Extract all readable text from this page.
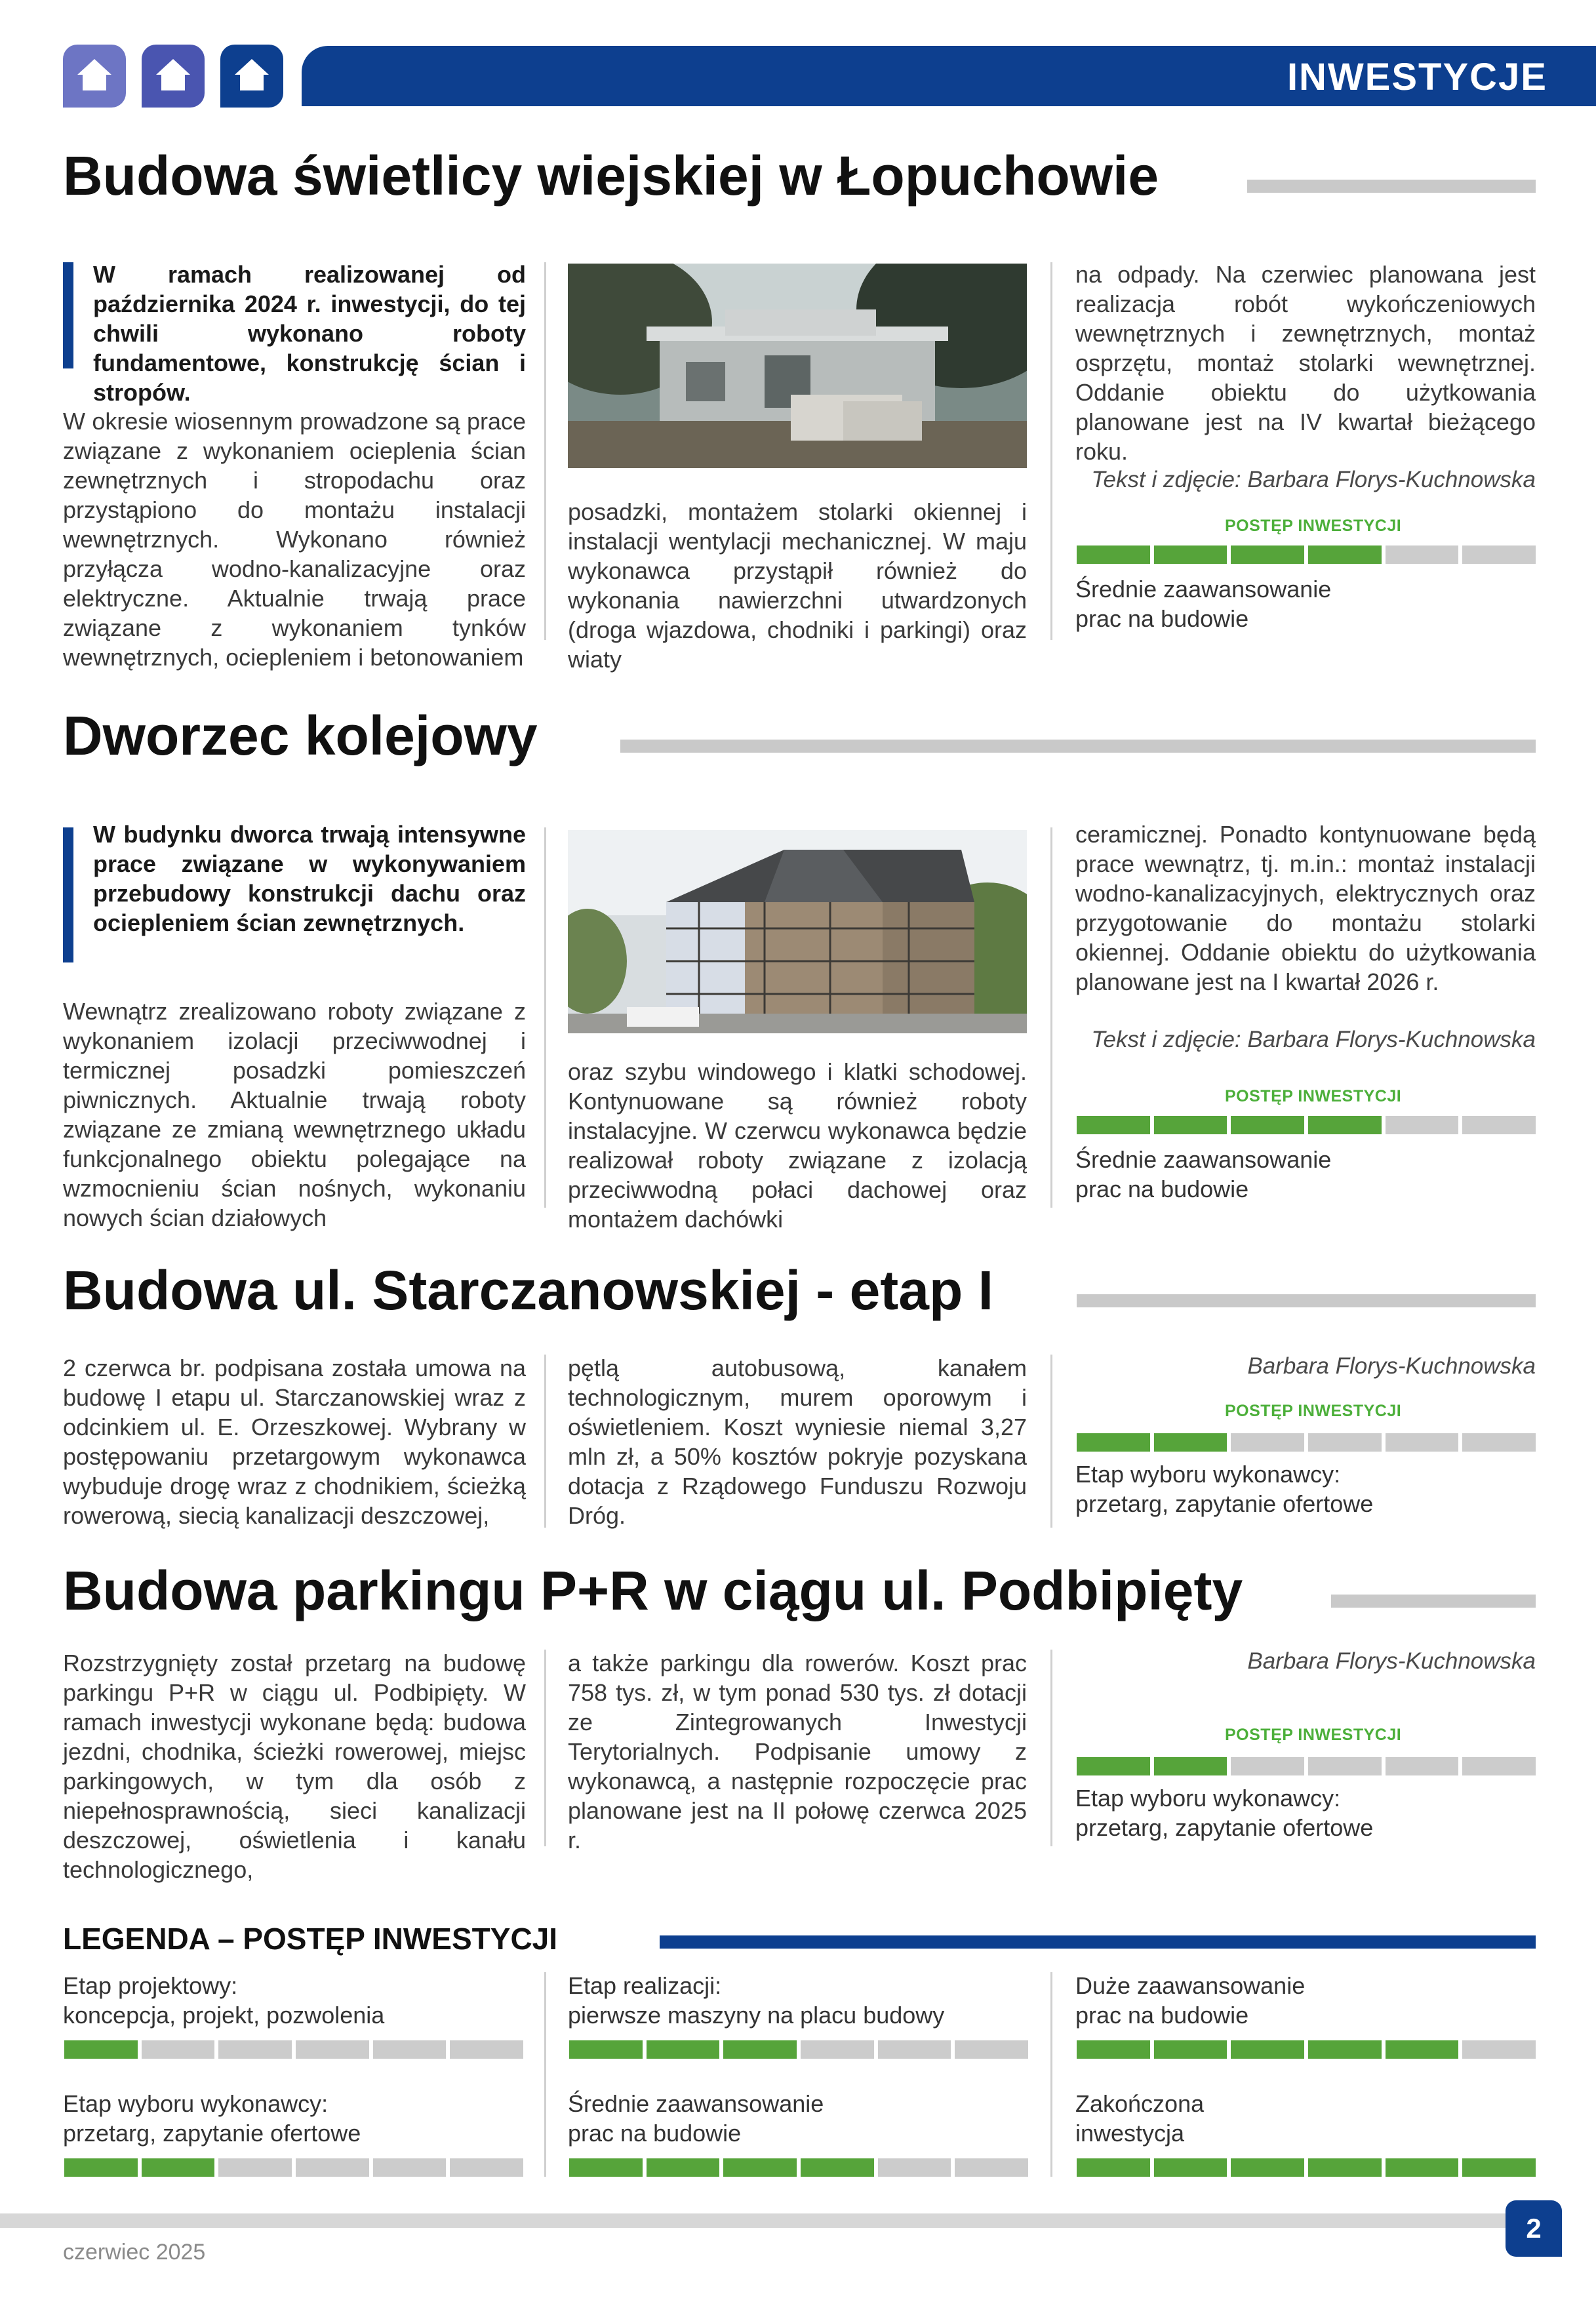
INWESTYCJE
Budowa świetlicy wiejskiej w Łopuchowie
W ramach realizowanej od października 2024 r. inwestycji, do tej chwili wykonano roboty fundamentowe, konstrukcję ścian i stropów.
W okresie wiosennym prowadzone są prace związane z wykonaniem ocieplenia ścian zewnętrznych i stropodachu oraz przystąpiono do montażu instalacji wewnętrznych. Wykonano również przyłącza wodno-kanalizacyjne oraz elektryczne. Aktualnie trwają prace związane z wykonaniem tynków wewnętrznych, ociepleniem i betonowaniem
posadzki, montażem stolarki okiennej i instalacji wentylacji mechanicznej. W maju wykonawca przystąpił również do wykonania nawierzchni utwardzonych (droga wjazdowa, chodniki i parkingi) oraz wiaty
na odpady. Na czerwiec planowana jest realizacja robót wykończeniowych wewnętrznych i zewnętrznych, montaż osprzętu, montaż stolarki wewnętrznej. Oddanie obiektu do użytkowania planowane jest na IV kwartał bieżącego roku.
Tekst i zdjęcie: Barbara Florys-Kuchnowska
POSTĘP INWESTYCJI
Średnie zaawansowanie
prac na budowie
Dworzec kolejowy
W budynku dworca trwają intensywne prace związane w wykonywaniem przebudowy konstrukcji dachu oraz ociepleniem ścian zewnętrznych.
Wewnątrz zrealizowano roboty związane z wykonaniem izolacji przeciwwodnej i termicznej posadzki pomieszczeń piwnicznych. Aktualnie trwają roboty związane ze zmianą wewnętrznego układu funkcjonalnego obiektu polegające na wzmocnieniu ścian nośnych, wykonaniu nowych ścian działowych
oraz szybu windowego i klatki schodowej. Kontynuowane są również roboty instalacyjne. W czerwcu wykonawca będzie realizował roboty związane z izolacją przeciwwodną połaci dachowej oraz montażem dachówki
ceramicznej. Ponadto kontynuowane będą prace wewnątrz, tj. m.in.: montaż instalacji wodno-kanalizacyjnych, elektrycznych oraz przygotowanie do montażu stolarki okiennej. Oddanie obiektu do użytkowania planowane jest na I kwartał 2026 r.
Tekst i zdjęcie: Barbara Florys-Kuchnowska
POSTĘP INWESTYCJI
Średnie zaawansowanie
prac na budowie
Budowa ul. Starczanowskiej - etap I
2 czerwca br. podpisana została umowa na budowę I etapu ul. Starczanowskiej wraz z odcinkiem ul. E. Orzeszkowej. Wybrany w postępowaniu przetargowym wykonawca wybuduje drogę wraz z chodnikiem, ścieżką rowerową, siecią kanalizacji deszczowej,
pętlą autobusową, kanałem technologicznym, murem oporowym i oświetleniem. Koszt wyniesie niemal 3,27 mln zł, a 50% kosztów pokryje pozyskana dotacja z Rządowego Funduszu Rozwoju Dróg.
Barbara Florys-Kuchnowska
POSTĘP INWESTYCJI
Etap wyboru wykonawcy:
przetarg, zapytanie ofertowe
Budowa parkingu P+R w ciągu ul. Podbipięty
Rozstrzygnięty został przetarg na budowę parkingu P+R w ciągu ul. Podbipięty. W ramach inwestycji wykonane będą: budowa jezdni, chodnika, ścieżki rowerowej, miejsc parkingowych, w tym dla osób z niepełnosprawnością, sieci kanalizacji deszczowej, oświetlenia i kanału technologicznego,
a także parkingu dla rowerów. Koszt prac 758 tys. zł, w tym ponad 530 tys. zł dotacji ze Zintegrowanych Inwestycji Terytorialnych. Podpisanie umowy z wykonawcą, a następnie rozpoczęcie prac planowane jest na II połowę czerwca 2025 r.
Barbara Florys-Kuchnowska
POSTĘP INWESTYCJI
Etap wyboru wykonawcy:
przetarg, zapytanie ofertowe
LEGENDA – POSTĘP INWESTYCJI
Etap projektowy:
koncepcja, projekt, pozwolenia
Etap realizacji:
pierwsze maszyny na placu budowy
Duże zaawansowanie
prac na budowie
Etap wyboru wykonawcy:
przetarg, zapytanie ofertowe
Średnie zaawansowanie
prac na budowie
Zakończona
inwestycja
czerwiec 2025
2
